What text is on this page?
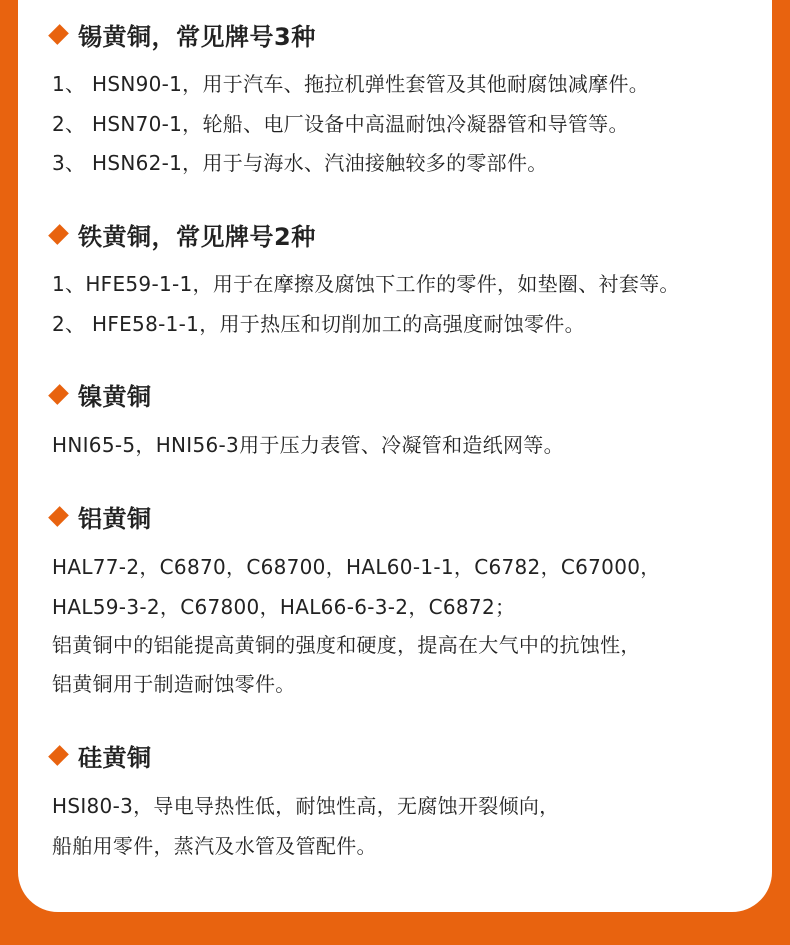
锡黄铜，常见牌号3种
1、 HSN90-1，用于汽车、拖拉机弹性套管及其他耐腐蚀减摩件。
2、 HSN70-1，轮船、电厂设备中高温耐蚀冷凝器管和导管等。
3、 HSN62-1，用于与海水、汽油接触较多的零部件。
铁黄铜，常见牌号2种
1、HFE59-1-1，用于在摩擦及腐蚀下工作的零件，如垫圈、衬套等。
2、 HFE58-1-1，用于热压和切削加工的高强度耐蚀零件。
镍黄铜
HNI65-5，HNI56-3用于压力表管、冷凝管和造纸网等。
铝黄铜
HAL77-2，C6870，C68700，HAL60-1-1，C6782，C67000，
HAL59-3-2，C67800，HAL66-6-3-2，C6872；
铝黄铜中的铝能提高黄铜的强度和硬度，提高在大气中的抗蚀性，
铝黄铜用于制造耐蚀零件。
硅黄铜
HSI80-3，导电导热性低，耐蚀性高，无腐蚀开裂倾向，
船舶用零件，蒸汽及水管及管配件。
